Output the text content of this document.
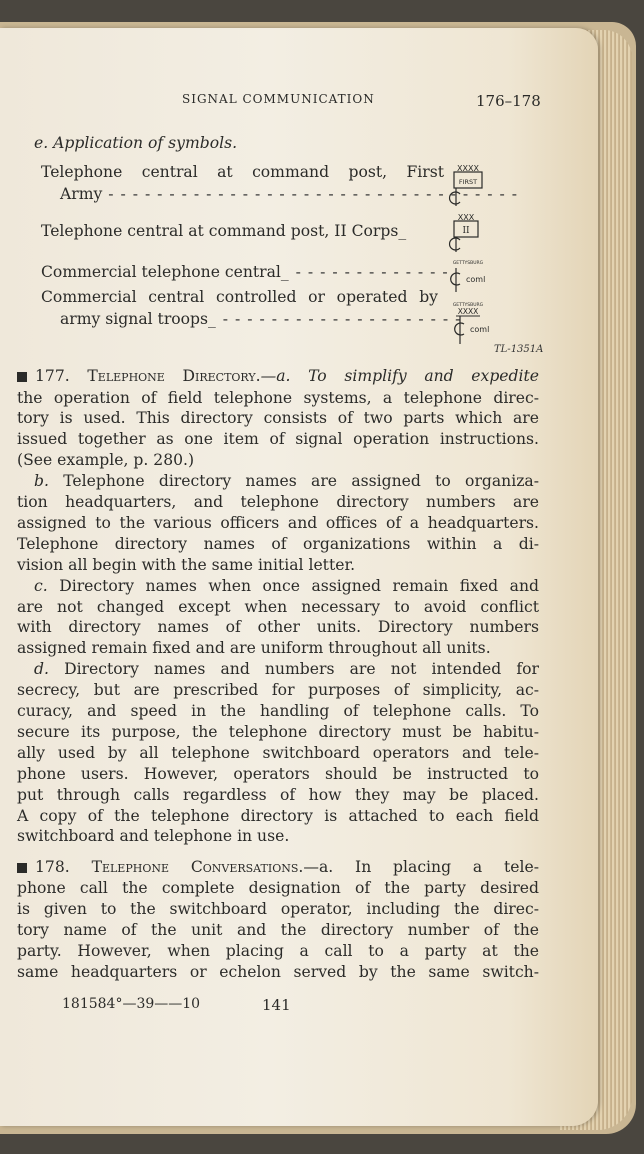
SIGNAL COMMUNICATION	176–178
e. Application of symbols.
Telephone central at command post, First
Army - - - - - - - - - - - - - - - - - - - - - - - - - - - - - - - - - -
Telephone central at command post, II Corps_
Commercial telephone central_ - - - - - - - - - - - - -
Commercial central controlled or operated by
army signal troops_ - - - - - - - - - - - - - - - - - - - -
XXXX
FIRST
XXX
II
GETTYSBURG
coml
GETTYSBURG
XXXX
coml
TL-1351A
177. Telephone Directory.—a. To simplify and expedite
the operation of field telephone systems, a telephone direc-
tory is used. This directory consists of two parts which are
issued together as one item of signal operation instructions.
(See example, p. 280.)
b. Telephone directory names are assigned to organiza-
tion headquarters, and telephone directory numbers are
assigned to the various officers and offices of a headquarters.
Telephone directory names of organizations within a di-
vision all begin with the same initial letter.
c. Directory names when once assigned remain fixed and
are not changed except when necessary to avoid conflict
with directory names of other units. Directory numbers
assigned remain fixed and are uniform throughout all units.
d. Directory names and numbers are not intended for
secrecy, but are prescribed for purposes of simplicity, ac-
curacy, and speed in the handling of telephone calls. To
secure its purpose, the telephone directory must be habitu-
ally used by all telephone switchboard operators and tele-
phone users. However, operators should be instructed to
put through calls regardless of how they may be placed.
A copy of the telephone directory is attached to each field
switchboard and telephone in use.
178. Telephone Conversations.—a. In placing a tele-
phone call the complete designation of the party desired
is given to the switchboard operator, including the direc-
tory name of the unit and the directory number of the
party. However, when placing a call to a party at the
same headquarters or echelon served by the same switch-
181584°—39——10	141
